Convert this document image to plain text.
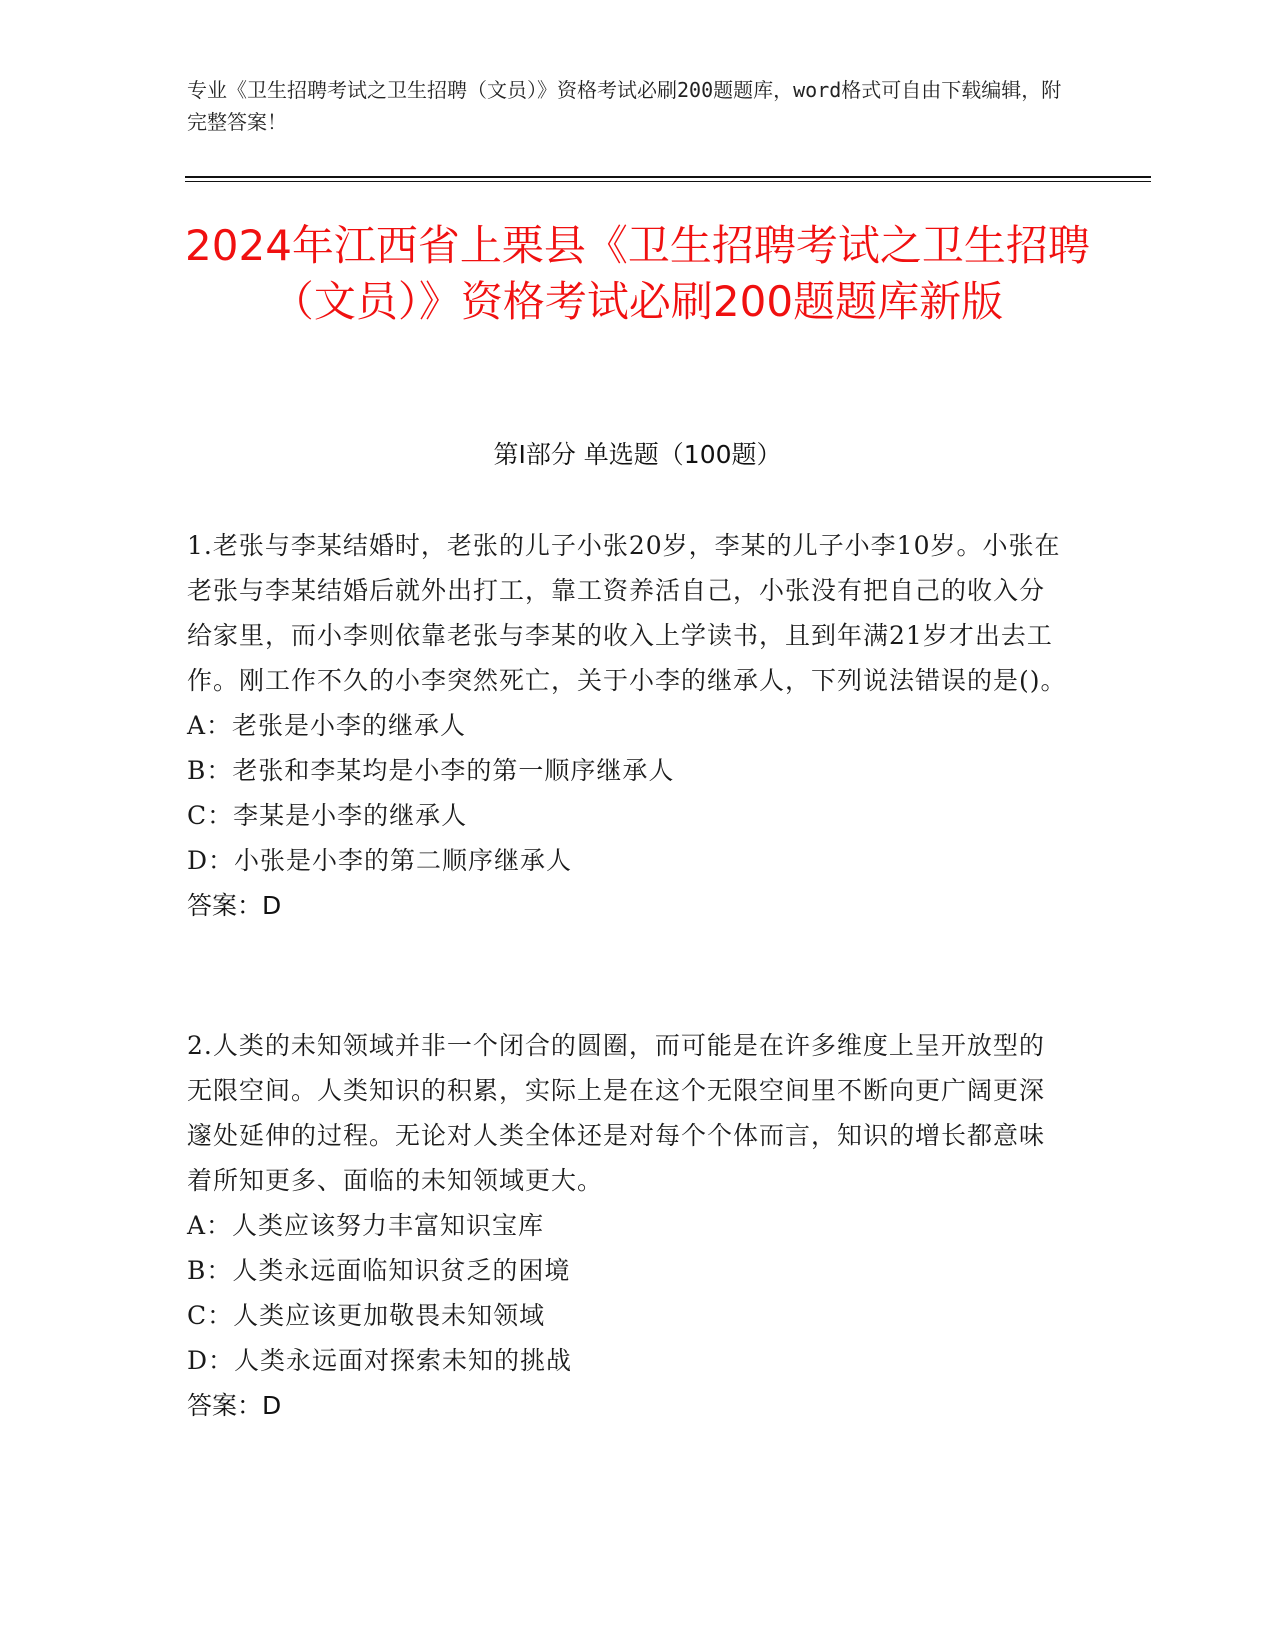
专业《卫生招聘考试之卫生招聘（文员）》资格考试必刷200题题库，word格式可自由下载编辑，附完整答案！
2024年江西省上栗县《卫生招聘考试之卫生招聘（文员）》资格考试必刷200题题库新版
第I部分 单选题（100题）

1.老张与李某结婚时，老张的儿子小张20岁，李某的儿子小李10岁。小张在老张与李某结婚后就外出打工，靠工资养活自己，小张没有把自己的收入分给家里，而小李则依靠老张与李某的收入上学读书，且到年满21岁才出去工作。刚工作不久的小李突然死亡，关于小李的继承人，下列说法错误的是()。

A：老张是小李的继承人

B：老张和李某均是小李的第一顺序继承人

C：李某是小李的继承人

D：小张是小李的第二顺序继承人

答案：D

2.人类的未知领域并非一个闭合的圆圈，而可能是在许多维度上呈开放型的无限空间。人类知识的积累，实际上是在这个无限空间里不断向更广阔更深邃处延伸的过程。无论对人类全体还是对每个个体而言，知识的增长都意味着所知更多、面临的未知领域更大。

A：人类应该努力丰富知识宝库

B：人类永远面临知识贫乏的困境

C：人类应该更加敬畏未知领域

D：人类永远面对探索未知的挑战

答案：D
